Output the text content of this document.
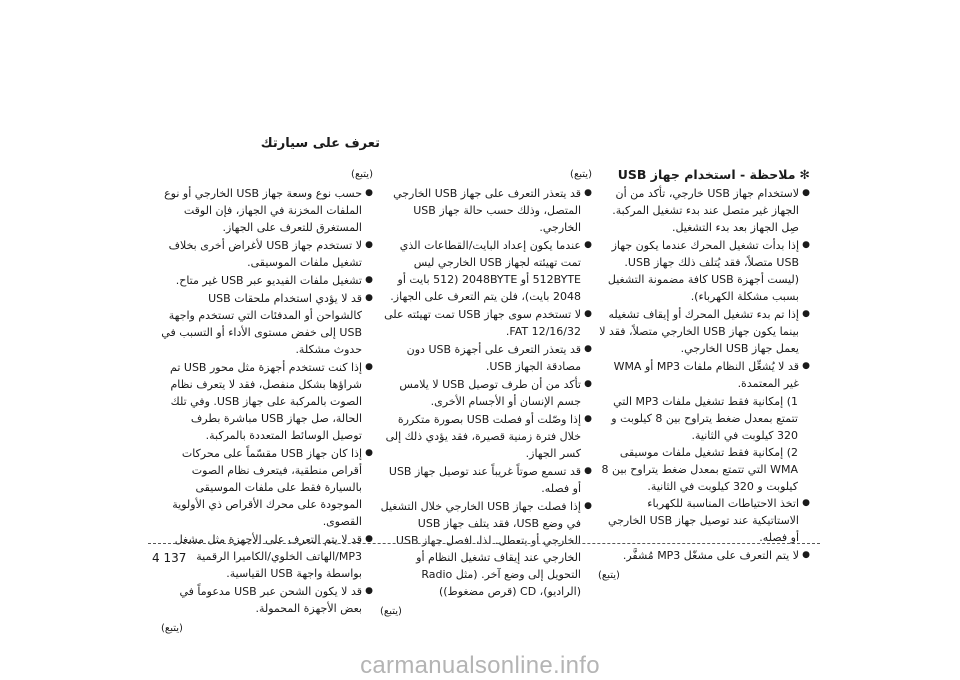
تعرف على سيارتك
✻ملاحظة - استخدام جهاز USB
●
لاستخدام جهاز USB خارجي، تأكد من أن الجهاز غير متصل عند بدء تشغيل المركبة. صِل الجهاز بعد بدء التشغيل.
●
إذا بدأت تشغيل المحرك عندما يكون جهاز USB متصلاً، فقد يُتلف ذلك جهاز USB. (ليست أجهزة USB كافة مضمونة التشغيل بسبب مشكلة الكهرباء).
●
إذا تم بدء تشغيل المحرك أو إيقاف تشغيله بينما يكون جهاز USB الخارجي متصلاً، فقد لا يعمل جهاز USB الخارجي.
●
قد لا يُشغِّل النظام ملفات MP3 أو WMA غير المعتمدة.

1) إمكانية فقط تشغيل ملفات MP3 التي تتمتع بمعدل ضغط يتراوح بين 8 كيلوبت و 320 كيلوبت في الثانية.

2) إمكانية فقط تشغيل ملفات موسيقى WMA التي تتمتع بمعدل ضغط يتراوح بين 8 كيلوبت و 320 كيلوبت في الثانية.

●
اتخذ الاحتياطات المناسبة للكهرباء الاستاتيكية عند توصيل جهاز USB الخارجي أو فصله.
●
لا يتم التعرف على مشغّل MP3 مُشفَّر.
(يتبع)
(يتبع)
●
قد يتعذر التعرف على جهاز USB الخارجي المتصل، وذلك حسب حالة جهاز USB الخارجي.
●
عندما يكون إعداد البايت/القطاعات الذي تمت تهيئته لجهاز USB الخارجي ليس 512BYTE أو 2048BYTE (512 بايت أو 2048 بايت)، فلن يتم التعرف على الجهاز.
●
لا تستخدم سوى جهاز USB تمت تهيئته على FAT 12/16/32.
●
قد يتعذر التعرف على أجهزة USB دون مصادقة الجهاز USB.
●
تأكد من أن طرف توصيل USB لا يلامس جسم الإنسان أو الأجسام الأخرى.
●
إذا وصّلت أو فصلت USB بصورة متكررة خلال فترة زمنية قصيرة، فقد يؤدي ذلك إلى كسر الجهاز.
●
قد تسمع صوتاً غريباً عند توصيل جهاز USB أو فصله.
●
إذا فصلت جهاز USB الخارجي خلال التشغيل في وضع USB، فقد يتلف جهاز USB الخارجي أو يتعطل. لذا، افصل جهاز USB الخارجي عند إيقاف تشغيل النظام أو التحويل إلى وضع آخر. (مثل Radio (الراديو)، CD (قرص مضغوط))
(يتبع)
(يتبع)
●
حسب نوع وسعة جهاز USB الخارجي أو نوع الملفات المخزنة في الجهاز، فإن الوقت المستغرق للتعرف على الجهاز.
●
لا تستخدم جهاز USB لأغراض أخرى بخلاف تشغيل ملفات الموسيقى.
●
تشغيل ملفات الفيديو عبر USB غير متاح.
●
قد لا يؤدي استخدام ملحقات USB كالشواحن أو المدفئات التي تستخدم واجهة USB إلى خفض مستوى الأداء أو التسبب في حدوث مشكلة.
●
إذا كنت تستخدم أجهزة مثل محور USB تم شراؤها بشكل منفصل، فقد لا يتعرف نظام الصوت بالمركبة على جهاز USB. وفي تلك الحالة، صل جهاز USB مباشرة بطرف توصيل الوسائط المتعددة بالمركبة.
●
إذا كان جهاز USB مقسّماً على محركات أقراص منطقية، فيتعرف نظام الصوت بالسيارة فقط على ملفات الموسيقى الموجودة على محرك الأقراص ذي الأولوية القصوى.
●
قد لا يتم التعرف على الأجهزة مثل مشغل MP3/الهاتف الخلوي/الكاميرا الرقمية بواسطة واجهة USB القياسية.
●
قد لا يكون الشحن عبر USB مدعوماً في بعض الأجهزة المحمولة.
(يتبع)
4 137
carmanualsonline.info
